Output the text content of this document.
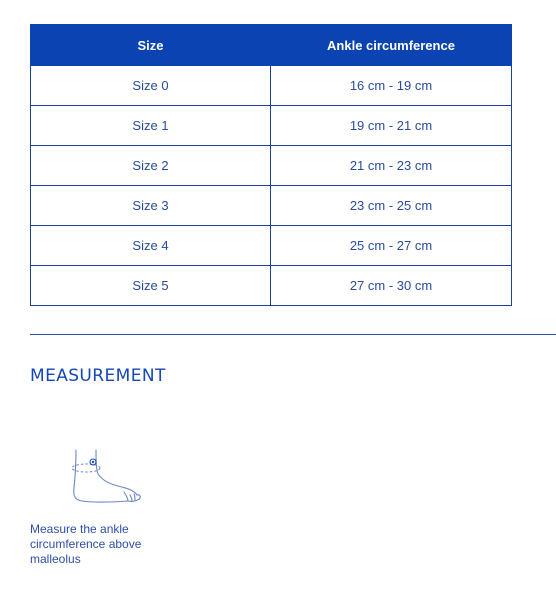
Size	Ankle circumference
Size 0	16 cm - 19 cm
Size 1	19 cm - 21 cm
Size 2	21 cm - 23 cm
Size 3	23 cm - 25 cm
Size 4	25 cm - 27 cm
Size 5	27 cm - 30 cm
MEASUREMENT

Measure the ankle circumference above malleolus
